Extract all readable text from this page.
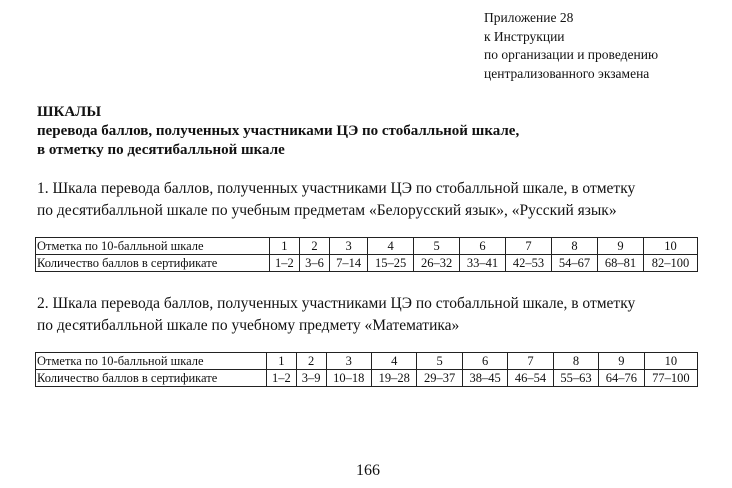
Приложение 28
к Инструкции
по организации и проведению
централизованного экзамена
ШКАЛЫ
перевода баллов, полученных участниками ЦЭ по стобалльной шкале,
в отметку по десятибалльной шкале
1. Шкала перевода баллов, полученных участниками ЦЭ по стобалльной шкале, в отметку
по десятибалльной шкале по учебным предметам «Белорусский язык», «Русский язык»
Отметка по 10-балльной шкале	1	2	3	4	5	6	7	8	9	10
Количество баллов в сертификате	1–2	3–6	7–14	15–25	26–32	33–41	42–53	54–67	68–81	82–100
2. Шкала перевода баллов, полученных участниками ЦЭ по стобалльной шкале, в отметку
по десятибалльной шкале по учебному предмету «Математика»
Отметка по 10-балльной шкале	1	2	3	4	5	6	7	8	9	10
Количество баллов в сертификате	1–2	3–9	10–18	19–28	29–37	38–45	46–54	55–63	64–76	77–100
166
